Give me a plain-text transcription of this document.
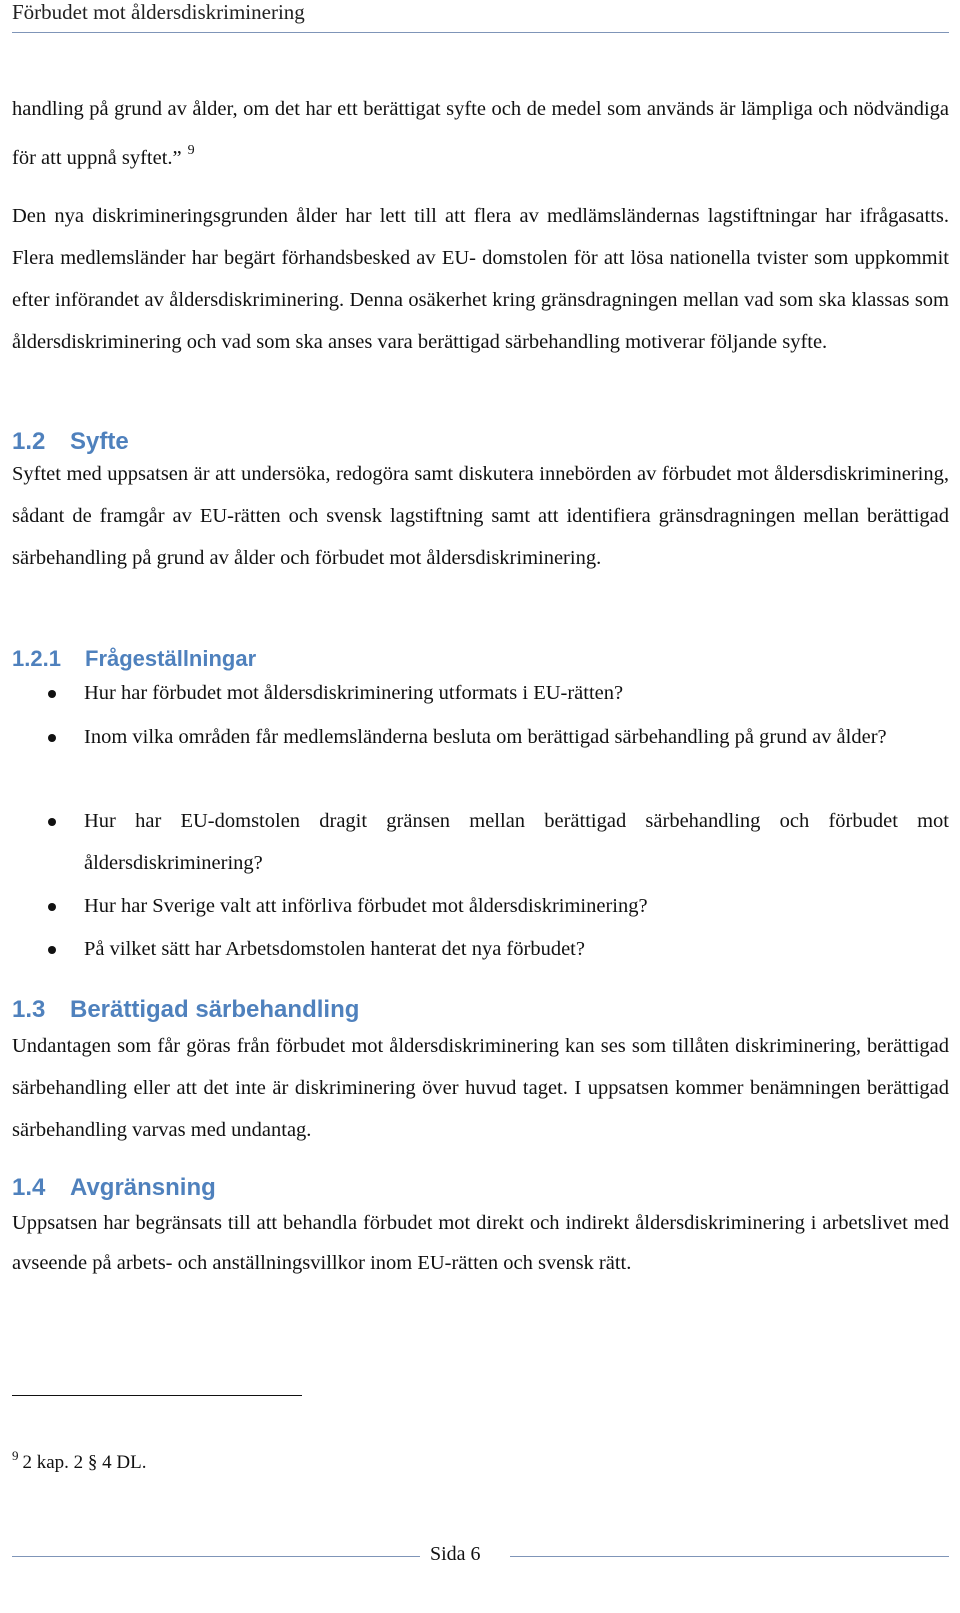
Förbudet mot åldersdiskriminering
handling på grund av ålder, om det har ett berättigat syfte och de medel som används är lämpliga och nödvändiga för att uppnå syftet.” $^9$
Den nya diskrimineringsgrunden ålder har lett till att flera av medlämsländernas lagstiftningar har ifrågasatts. Flera medlemsländer har begärt förhandsbesked av EU- domstolen för att lösa nationella tvister som uppkommit efter införandet av åldersdiskriminering. Denna osäkerhet kring gränsdragningen mellan vad som ska klassas som åldersdiskriminering och vad som ska anses vara berättigad särbehandling motiverar följande syfte.
1.2 Syfte
Syftet med uppsatsen är att undersöka, redogöra samt diskutera innebörden av förbudet mot åldersdiskriminering, sådant de framgår av EU-rätten och svensk lagstiftning samt att identifiera gränsdragningen mellan berättigad särbehandling på grund av ålder och förbudet mot åldersdiskriminering.
1.2.1 Frågeställningar
Hur har förbudet mot åldersdiskriminering utformats i EU-rätten?
Inom vilka områden får medlemsländerna besluta om berättigad särbehandling på grund av ålder?
Hur har EU-domstolen dragit gränsen mellan berättigad särbehandling och förbudet mot åldersdiskriminering?
Hur har Sverige valt att införliva förbudet mot åldersdiskriminering?
På vilket sätt har Arbetsdomstolen hanterat det nya förbudet?
1.3 Berättigad särbehandling
Undantagen som får göras från förbudet mot åldersdiskriminering kan ses som tillåten diskriminering, berättigad särbehandling eller att det inte är diskriminering över huvud taget. I uppsatsen kommer benämningen berättigad särbehandling varvas med undantag.
1.4 Avgränsning
Uppsatsen har begränsats till att behandla förbudet mot direkt och indirekt åldersdiskriminering i arbetslivet med avseende på arbets- och anställningsvillkor inom EU-rätten och svensk rätt.
$^9$ 2 kap. 2 § 4 DL.
Sida 6
